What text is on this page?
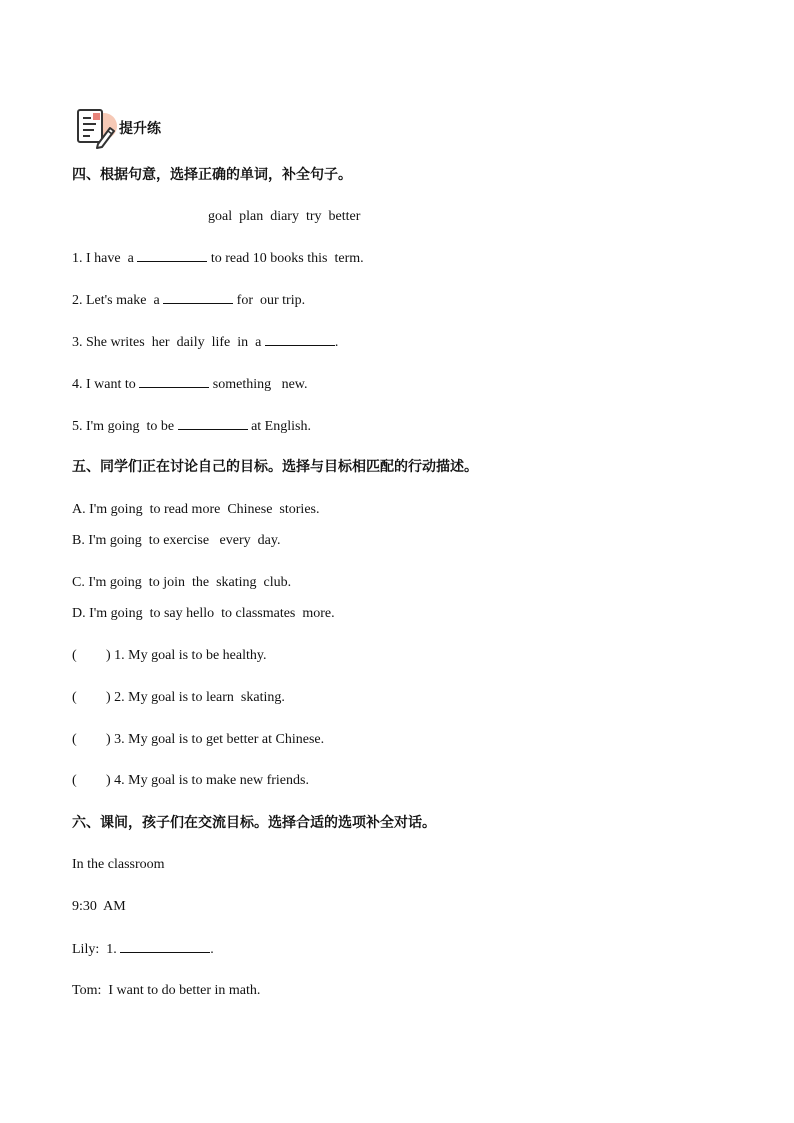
提升练
四、根据句意，选择正确的单词，补全句子。
goal  plan  diary  try  better
1. I have  a	to read 10 books this  term.
2. Let's make  a	for  our trip.
3. She writes  her  daily  life  in  a	.
4. I want to	something   new.
5. I'm going  to be	at English.
五、同学们正在讨论自己的目标。选择与目标相匹配的行动描述。
A. I'm going  to read more  Chinese  stories.
B. I'm going  to exercise   every  day.
C. I'm going  to join  the  skating  club.
D. I'm going  to say hello  to classmates  more.
( ) 1. My goal is to be healthy.
( ) 2. My goal is to learn  skating.
( ) 3. My goal is to get better at Chinese.
( ) 4. My goal is to make new friends.
六、课间，孩子们在交流目标。选择合适的选项补全对话。
In the classroom
9:30  AM
Lily:  1.	.
Tom:  I want to do better in math.
